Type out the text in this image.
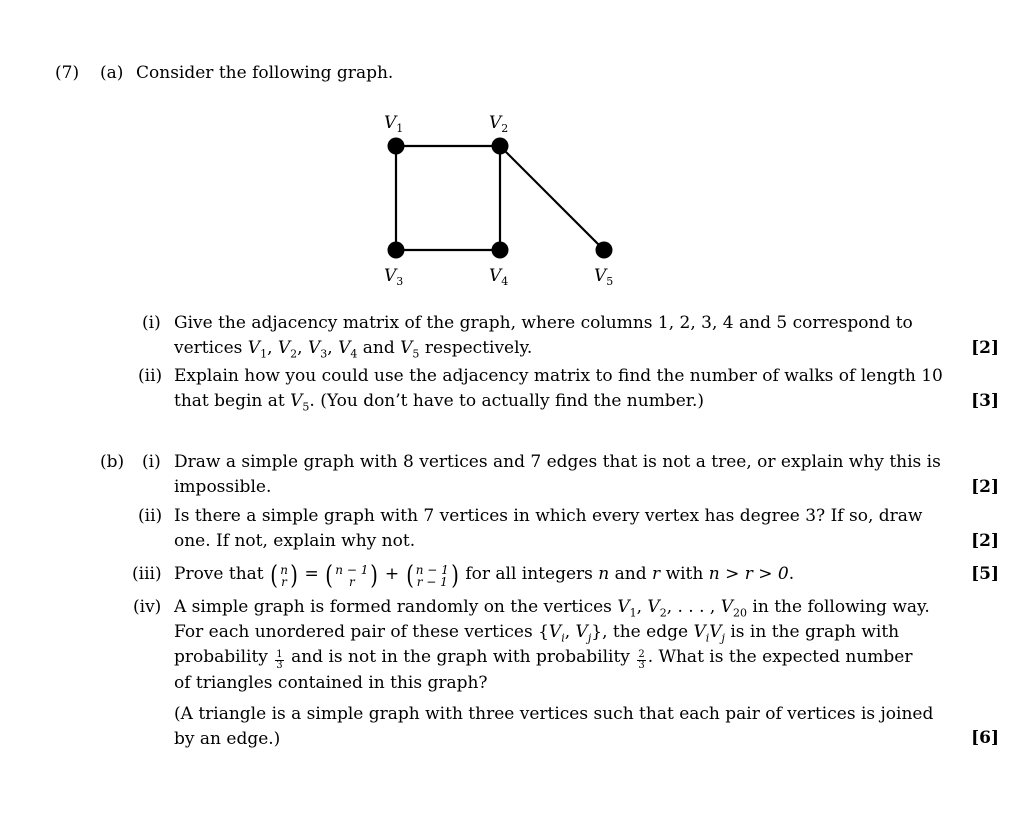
(7) (a) Consider the following graph.
$V_1$	$V_2$
$V_3$	$V_4$	$V_5$
(i) Give the adjacency matrix of the graph, where columns 1, 2, 3, 4 and 5 correspond to
vertices $V_1$, $V_2$, $V_3$, $V_4$ and $V_5$ respectively.	[2]
(ii) Explain how you could use the adjacency matrix to find the number of walks of length 10
that begin at $V_5$. (You don’t have to actually find the number.)	[3]
(b) (i) Draw a simple graph with 8 vertices and 7 edges that is not a tree, or explain why this is
impossible.	[2]
(ii) Is there a simple graph with 7 vertices in which every vertex has degree 3? If so, draw
one. If not, explain why not.	[2]
(iii) Prove that ( n
r ) = ( n − 1
r ) + ( n − 1
r − 1 ) for all integers n and r with n > r > 0.	[5]
(iv) A simple graph is formed randomly on the vertices $V_1$, $V_2$, . . . , $V_{20}$ in the following way.
For each unordered pair of these vertices {$V_i$, $V_j$}, the edge $V_iV_j$ is in the graph with
probability $\frac{1}{3}$ and is not in the graph with probability $\frac{2}{3}$ . What is the expected number
of triangles contained in this graph?
(A triangle is a simple graph with three vertices such that each pair of vertices is joined
by an edge.)	[6]
